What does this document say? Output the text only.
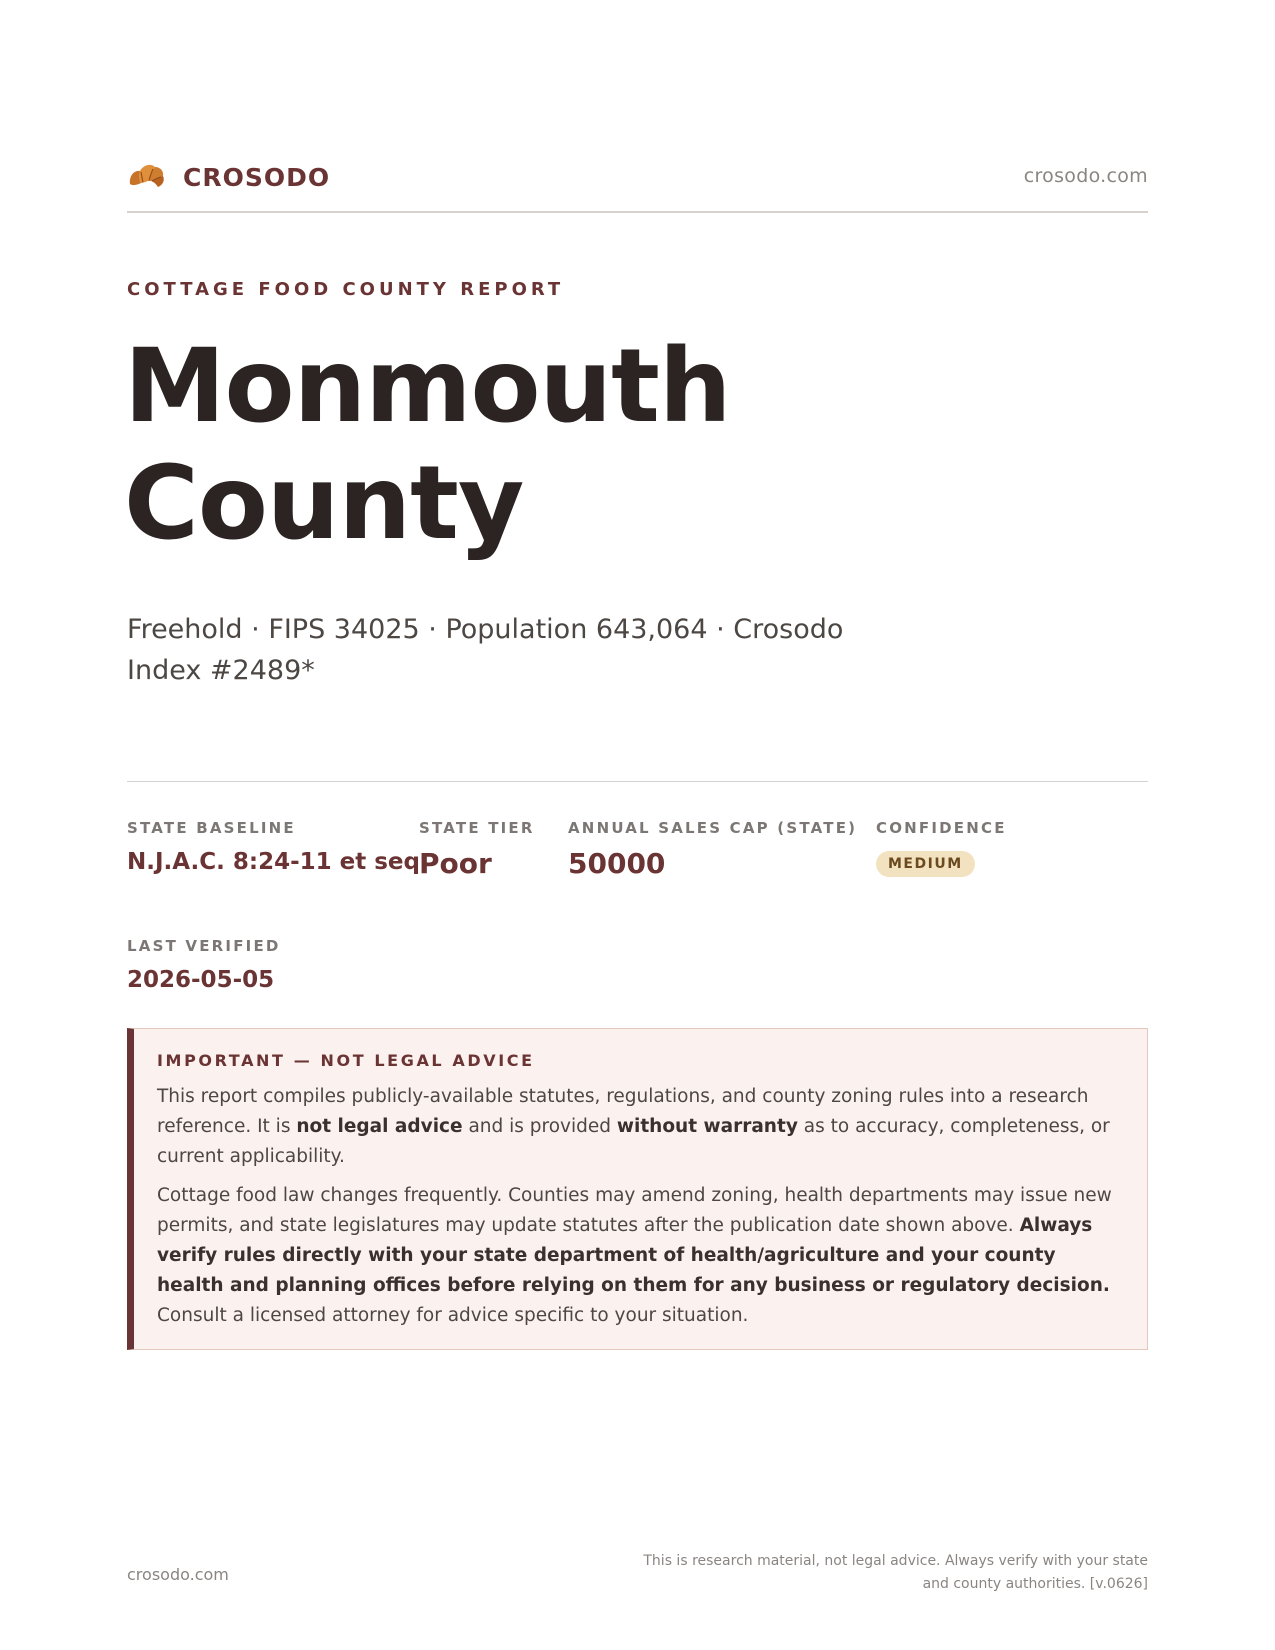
CROSODO	crosodo.com
COTTAGE FOOD COUNTY REPORT
Monmouth County
Freehold · FIPS 34025 · Population 643,064 · Crosodo Index #2489*
STATE BASELINE
N.J.A.C. 8:24-11 et seq.
STATE TIER
Poor
ANNUAL SALES CAP (STATE)
50000
CONFIDENCE
MEDIUM
LAST VERIFIED
2026-05-05
IMPORTANT — NOT LEGAL ADVICE

This report compiles publicly-available statutes, regulations, and county zoning rules into a research reference. It is not legal advice and is provided without warranty as to accuracy, completeness, or current applicability.

Cottage food law changes frequently. Counties may amend zoning, health departments may issue new permits, and state legislatures may update statutes after the publication date shown above. Always verify rules directly with your state department of health/agriculture and your county health and planning offices before relying on them for any business or regulatory decision. Consult a licensed attorney for advice specific to your situation.

crosodo.com
This is research material, not legal advice. Always verify with your state and county authorities. [v.0626]
